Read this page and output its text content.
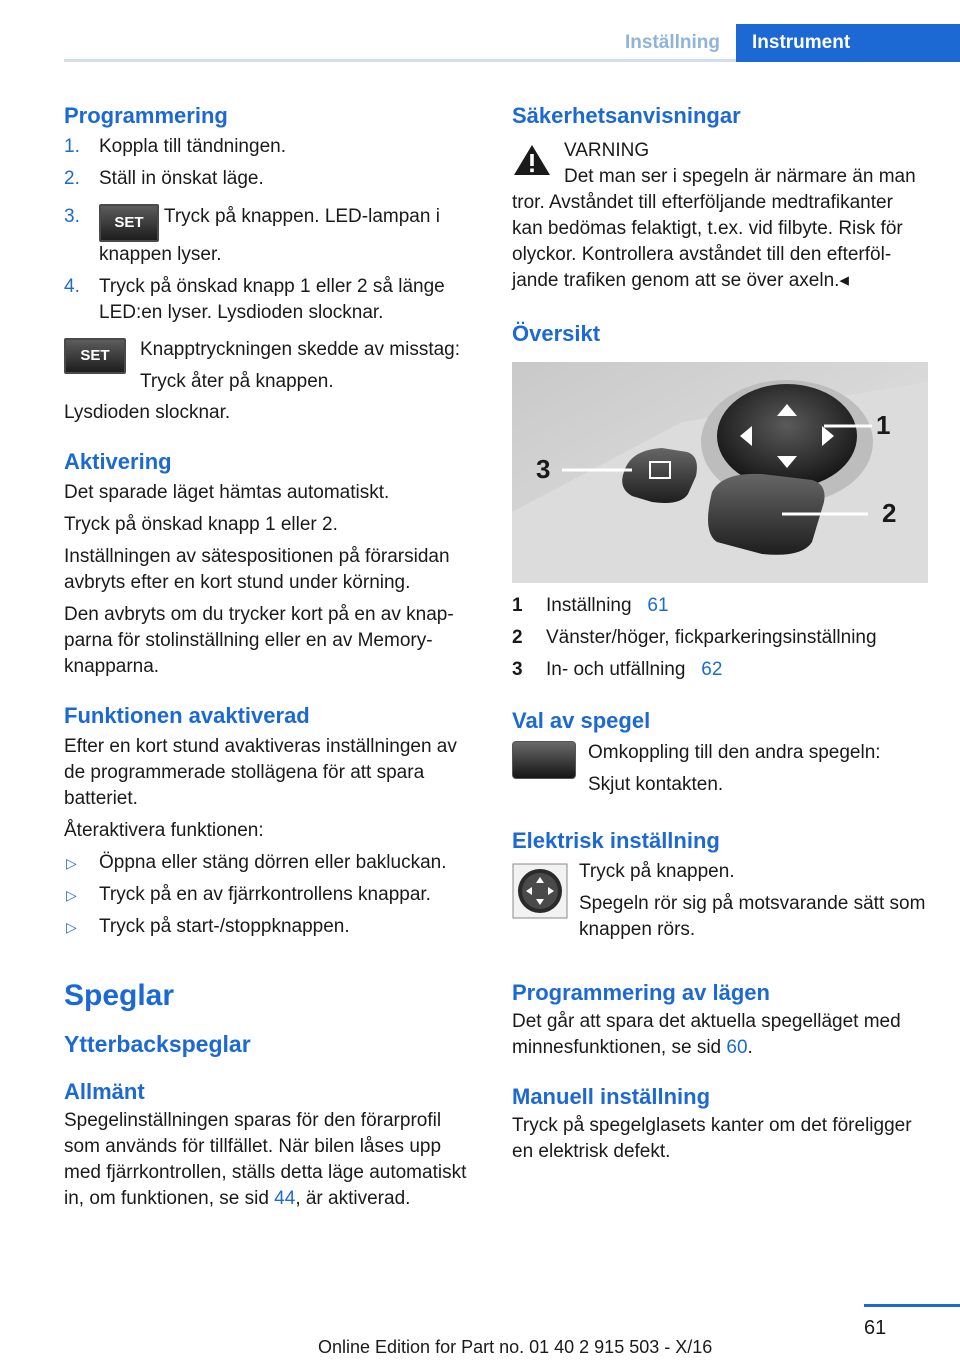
Inställning	Instrument
Programmering
1. Koppla till tändningen.
2. Ställ in önskat läge.
3. SET Tryck på knappen. LED-lampan i knappen lyser.
4. Tryck på önskad knapp 1 eller 2 så länge LED:en lyser. Lysdioden slocknar.
SET	Knapptryckningen skedde av misstag:

Tryck åter på knappen.

Lysdioden slocknar.

Aktivering

Det sparade läget hämtas automatiskt.

Tryck på önskad knapp 1 eller 2.

Inställningen av sätespositionen på förarsidan avbryts efter en kort stund under körning.

Den avbryts om du trycker kort på en av knapparna för stolinställning eller en av Memory-knapparna.

Funktionen avaktiverad

Efter en kort stund avaktiveras inställningen av de programmerade stollägena för att spara batteriet.

Återaktivera funktionen:

▷ Öppna eller stäng dörren eller bakluckan.
▷ Tryck på en av fjärrkontrollens knappar.
▷ Tryck på start-/stoppknappen.
Speglar
Ytterbackspeglar
Allmänt

Spegelinställningen sparas för den förarprofil som används för tillfället. När bilen låses upp med fjärrkontrollen, ställs detta läge automatiskt in, om funktionen, se sid 44, är aktiverad.

Säkerhetsanvisningar

VARNING

Det man ser i spegeln är närmare än man tror. Avståndet till efterföljande medtrafikanter kan bedömas felaktigt, t.ex. vid filbyte. Risk för olyckor. Kontrollera avståndet till den efterföljande trafiken genom att se över axeln.◂

Översikt
1
2
3
1 Inställning 61
2 Vänster/höger, fickparkeringsinställning
3 In- och utfällning 62
Val av spegel

Omkoppling till den andra spegeln:

Skjut kontakten.

Elektrisk inställning

Tryck på knappen.

Spegeln rör sig på motsvarande sätt som knappen rörs.

Programmering av lägen

Det går att spara det aktuella spegelläget med minnesfunktionen, se sid 60.

Manuell inställning

Tryck på spegelglasets kanter om det föreligger en elektrisk defekt.

61
Online Edition for Part no. 01 40 2 915 503 - X/16
